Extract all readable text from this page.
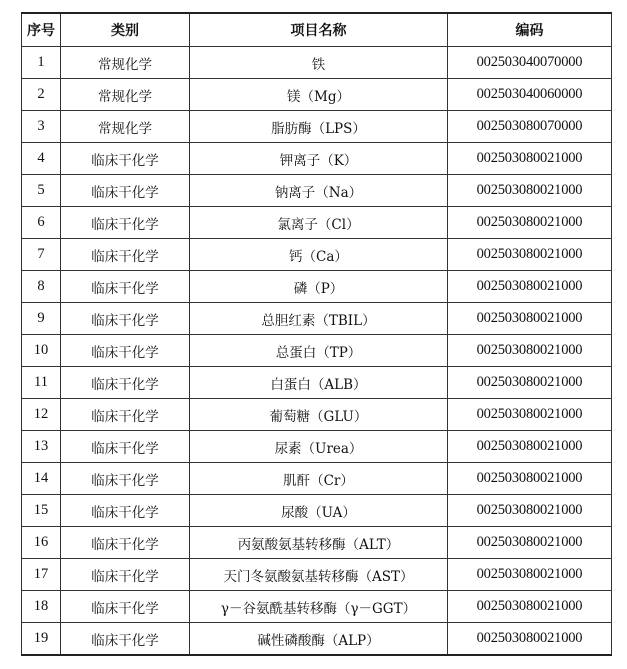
序号	类别	项目名称	编码
1	常规化学	铁	002503040070000
2	常规化学	镁（Mg）	002503040060000
3	常规化学	脂肪酶（LPS）	002503080070000
4	临床干化学	钾离子（K）	002503080021000
5	临床干化学	钠离子（Na）	002503080021000
6	临床干化学	氯离子（Cl）	002503080021000
7	临床干化学	钙（Ca）	002503080021000
8	临床干化学	磷（P）	002503080021000
9	临床干化学	总胆红素（TBIL）	002503080021000
10	临床干化学	总蛋白（TP）	002503080021000
11	临床干化学	白蛋白（ALB）	002503080021000
12	临床干化学	葡萄糖（GLU）	002503080021000
13	临床干化学	尿素（Urea）	002503080021000
14	临床干化学	肌酐（Cr）	002503080021000
15	临床干化学	尿酸（UA）	002503080021000
16	临床干化学	丙氨酸氨基转移酶（ALT）	002503080021000
17	临床干化学	天门冬氨酸氨基转移酶（AST）	002503080021000
18	临床干化学	γ－谷氨酰基转移酶（γ－GGT）	002503080021000
19	临床干化学	碱性磷酸酶（ALP）	002503080021000
